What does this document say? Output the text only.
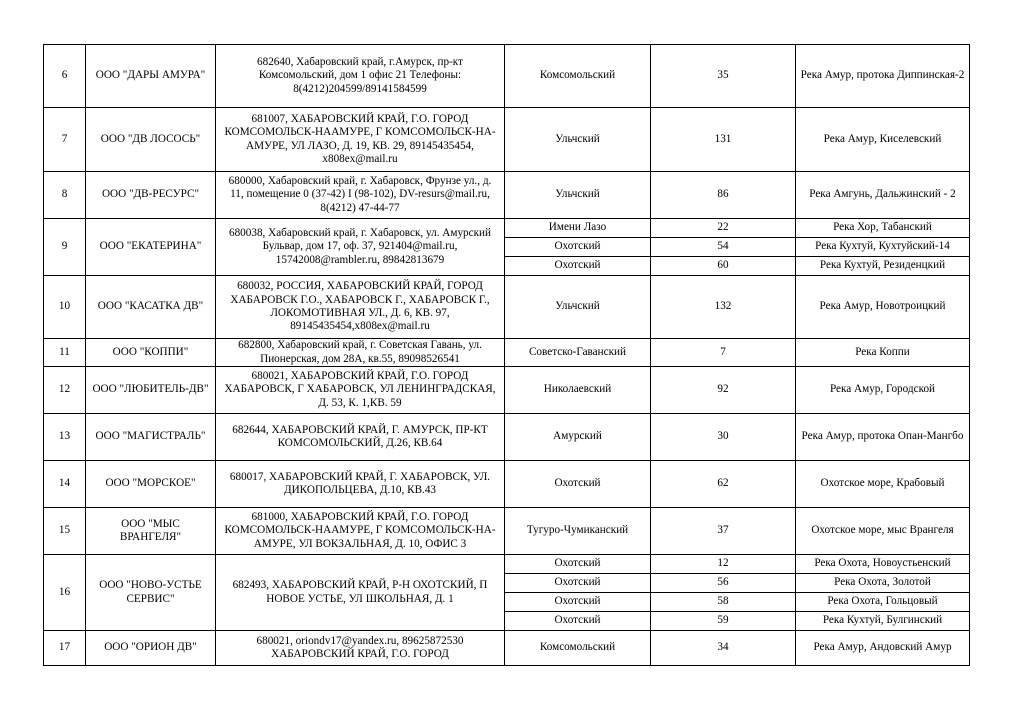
6	ООО "ДАРЫ АМУРА"	682640, Хабаровский край, г.Амурск, пр-кт Комсомольский, дом 1 офис 21 Телефоны: 8(4212)204599/89141584599	Комсомольский	35	Река Амур, протока Диппинская-2
7	ООО "ДВ ЛОСОСЬ"	681007, ХАБАРОВСКИЙ КРАЙ, Г.О. ГОРОД КОМСОМОЛЬСК-НААМУРЕ, Г КОМСОМОЛЬСК-НА-АМУРЕ, УЛ ЛАЗО, Д. 19, КВ. 29, 89145435454, x808ex@mail.ru	Ульчский	131	Река Амур, Киселевский
8	ООО "ДВ-РЕСУРС"	680000, Хабаровский край, г. Хабаровск, Фрунзе ул., д. 11, помещение 0 (37-42) I (98-102), DV-resurs@mail.ru, 8(4212) 47-44-77	Ульчский	86	Река Амгунь, Дальжинский - 2
9	ООО "ЕКАТЕРИНА"	680038, Хабаровский край, г. Хабаровск, ул. Амурский Бульвар, дом 17, оф. 37, 921404@mail.ru, 15742008@rambler.ru, 89842813679	Имени Лазо	22	Река Хор, Табанский
			Охотский	54	Река Кухтуй, Кухтуйский-14
			Охотский	60	Река Кухтуй, Резиденцкий
10	ООО "КАСАТКА ДВ"	680032, РОССИЯ, ХАБАРОВСКИЙ КРАЙ, ГОРОД ХАБАРОВСК Г.О., ХАБАРОВСК Г., ХАБАРОВСК Г., ЛОКОМОТИВНАЯ УЛ., Д. 6, КВ. 97, 89145435454,x808ex@mail.ru	Ульчский	132	Река Амур, Новотроицкий
11	ООО "КОППИ"	682800, Хабаровский край, г. Советская Гавань, ул. Пионерская, дом 28А, кв.55, 89098526541	Советско-Гаванский	7	Река Коппи
12	ООО "ЛЮБИТЕЛЬ-ДВ"	680021, ХАБАРОВСКИЙ КРАЙ, Г.О. ГОРОД ХАБАРОВСК, Г ХАБАРОВСК, УЛ ЛЕНИНГРАДСКАЯ, Д. 53, К. 1,КВ. 59	Николаевский	92	Река Амур, Городской
13	ООО "МАГИСТРАЛЬ"	682644, ХАБАРОВСКИЙ КРАЙ, Г. АМУРСК, ПР-КТ КОМСОМОЛЬСКИЙ, Д.26, КВ.64	Амурский	30	Река Амур, протока Опан-Мангбо
14	ООО "МОРСКОЕ"	680017, ХАБАРОВСКИЙ КРАЙ, Г. ХАБАРОВСК, УЛ. ДИКОПОЛЬЦЕВА, Д.10, КВ.43	Охотский	62	Охотское море, Крабовый
15	ООО "МЫС ВРАНГЕЛЯ"	681000, ХАБАРОВСКИЙ КРАЙ, Г.О. ГОРОД КОМСОМОЛЬСК-НААМУРЕ, Г КОМСОМОЛЬСК-НА-АМУРЕ, УЛ ВОКЗАЛЬНАЯ, Д. 10, ОФИС 3	Тугуро-Чумиканский	37	Охотское море, мыс Врангеля
16	ООО "НОВО-УСТЬЕ СЕРВИС"	682493, ХАБАРОВСКИЙ КРАЙ, Р-Н ОХОТСКИЙ, П НОВОЕ УСТЬЕ, УЛ ШКОЛЬНАЯ, Д. 1	Охотский	12	Река Охота, Новоустьенский
			Охотский	56	Река Охота, Золотой
			Охотский	58	Река Охота, Гольцовый
			Охотский	59	Река Кухтуй, Булгинский
17	ООО "ОРИОН ДВ"	680021, oriondv17@yandex.ru, 89625872530 ХАБАРОВСКИЙ КРАЙ, Г.О. ГОРОД	Комсомольский	34	Река Амур, Андовский Амур
